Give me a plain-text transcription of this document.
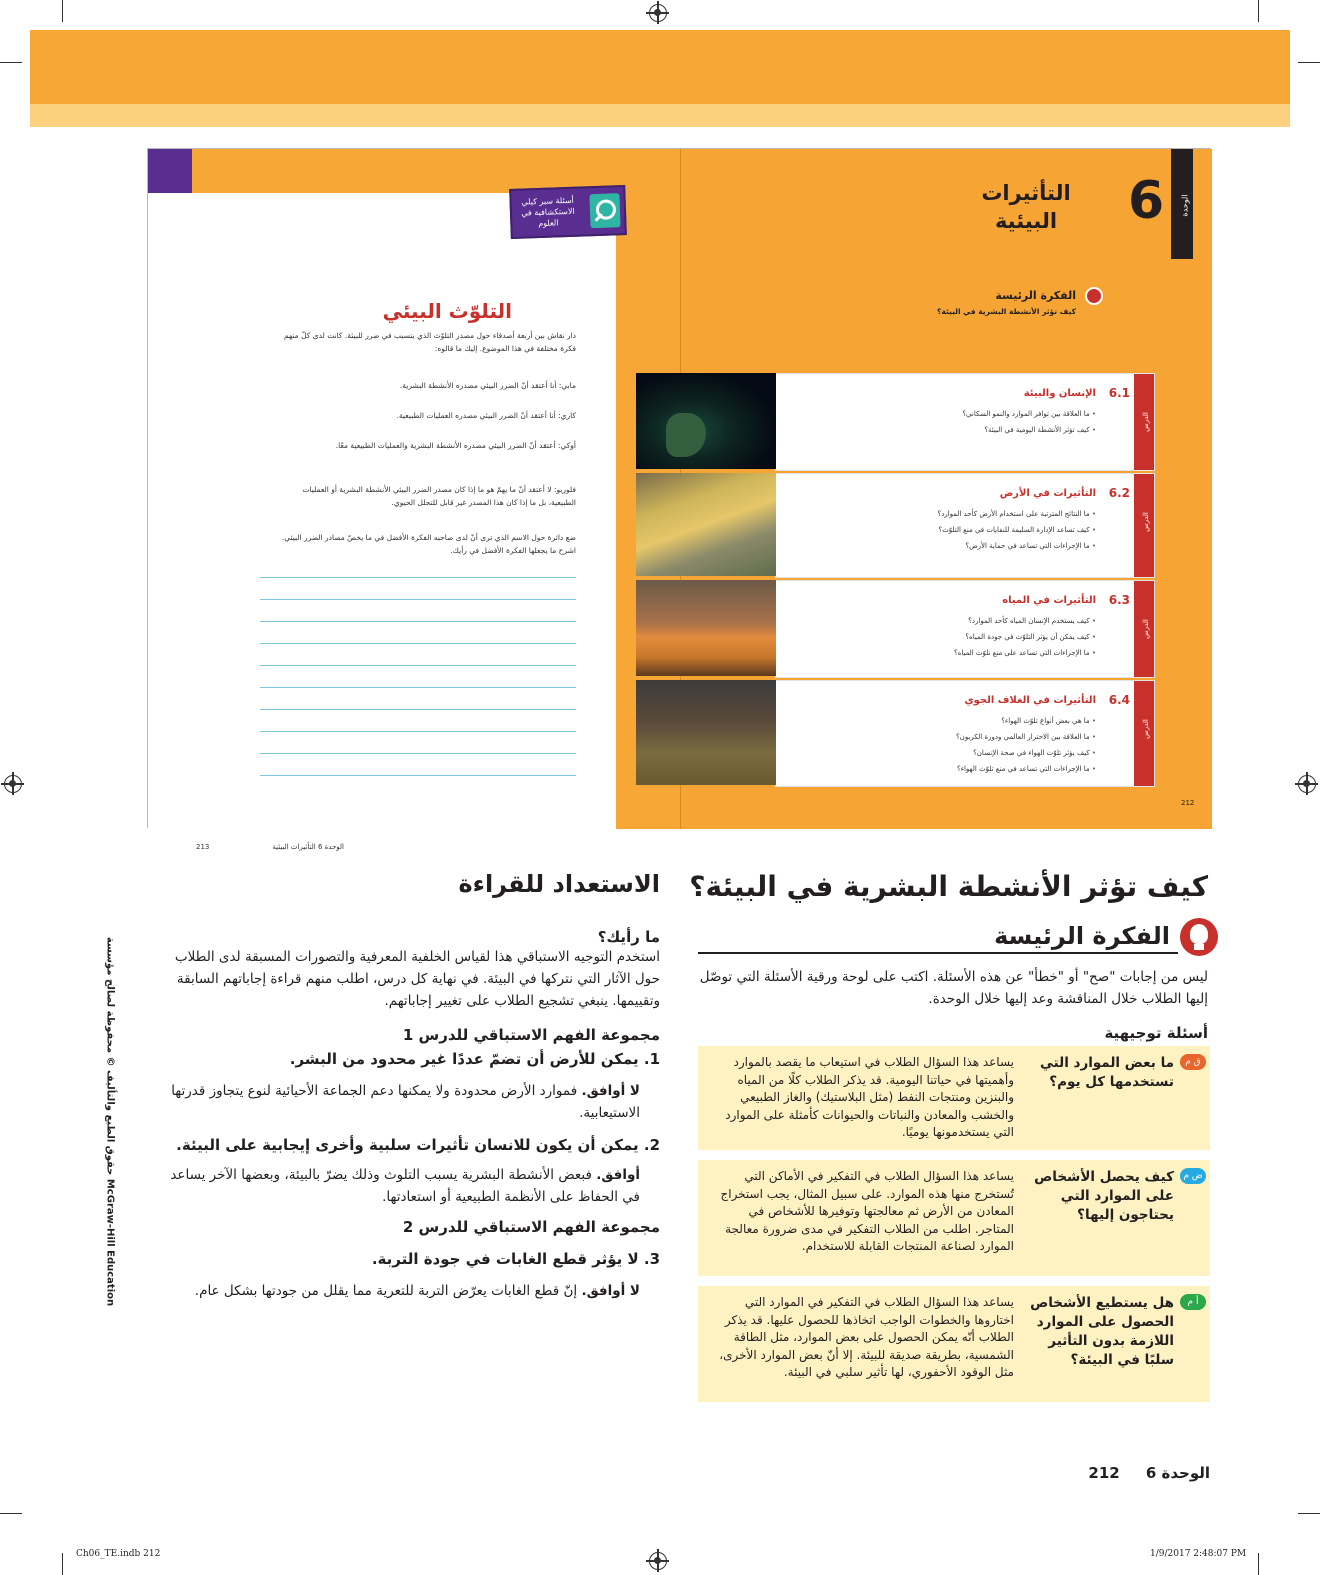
التلوّث البيئي
دار نقاش بين أربعة أصدقاء حول مصدر التلوّث الذي يتسبب في ضرر للبيئة. كانت لدى كلّ منهم فكرة مختلفة في هذا الموضوع. إليك ما قالوه:
مابي: أنا أعتقد أنّ الضرر البيئي مصدره الأنشطة البشرية.
كاري: أنا أعتقد أنّ الضرر البيئي مصدره العمليات الطبيعية.
أوكي: أعتقد أنّ الضرر البيئي مصدره الأنشطة البشرية والعمليات الطبيعية معًا.
فلوريو: لا أعتقد أنّ ما يهمّ هو ما إذا كان مصدر الضرر البيئي الأنشطة البشرية أو العمليات الطبيعية، بل ما إذا كان هذا المصدر غير قابل للتحلل الحيوي.
ضع دائرة حول الاسم الذي ترى أنّ لدى صاحبه الفكرة الأفضل في ما يخصّ مصادر الضرر البيئي. اشرح ما يجعلها الفكرة الأفضل في رأيك.
213	الوحدة 6 التأثيرات البيئية
أسئلة سبر كيلي الاستكشافية في العلوم
الوحدة
6
التأثيرات البيئية
الفكرة الرئيسة
كيف تؤثر الأنشطة البشرية في البيئة؟
الدرس
6.1
الإنسان والبيئة
• ما العلاقة بين توافر الموارد والنمو السكاني؟
• كيف تؤثر الأنشطة اليومية في البيئة؟
الدرس
6.2
التأثيرات في الأرض
• ما النتائج المترتبة على استخدام الأرض كأحد الموارد؟
• كيف تساعد الإدارة السليمة للنفايات في منع التلوّث؟
• ما الإجراءات التي تساعد في حماية الأرض؟
الدرس
6.3
التأثيرات في المياه
• كيف يستخدم الإنسان المياه كأحد الموارد؟
• كيف يمكن أن يؤثر التلوّث في جودة المياه؟
• ما الإجراءات التي تساعد على منع تلوّث المياه؟
الدرس
6.4
التأثيرات في الغلاف الجوي
• ما هي بعض أنواع تلوّث الهواء؟
• ما العلاقة بين الاحترار العالمي ودورة الكربون؟
• كيف يؤثر تلوّث الهواء في صحة الإنسان؟
• ما الإجراءات التي تساعد في منع تلوّث الهواء؟
212
كيف تؤثر الأنشطة البشرية في البيئة؟
الفكرة الرئيسة
ليس من إجابات "صح" أو "خطأ" عن هذه الأسئلة. اكتب على لوحة ورقية الأسئلة التي توصّل إليها الطلاب خلال المناقشة وعد إليها خلال الوحدة.
أسئلة توجيهية
ق م
ما بعض الموارد التي تستخدمها كل يوم؟
يساعد هذا السؤال الطلاب في استيعاب ما يقصد بالموارد وأهميتها في حياتنا اليومية. قد يذكر الطلاب كلًا من المياه والبنزين ومنتجات النفط (مثل البلاستيك) والغاز الطبيعي والخشب والمعادن والنباتات والحيوانات كأمثلة على الموارد التي يستخدمونها يوميًا.
ض م
كيف يحصل الأشخاص على الموارد التي يحتاجون إليها؟
يساعد هذا السؤال الطلاب في التفكير في الأماكن التي تُستخرج منها هذه الموارد. على سبيل المثال، يجب استخراج المعادن من الأرض ثم معالجتها وتوفيرها للأشخاص في المتاجر. اطلب من الطلاب التفكير في مدى ضرورة معالجة الموارد لصناعة المنتجات القابلة للاستخدام.
أ م
هل يستطيع الأشخاص الحصول على الموارد اللازمة بدون التأثير سلبًا في البيئة؟
يساعد هذا السؤال الطلاب في التفكير في الموارد التي اختاروها والخطوات الواجب اتخاذها للحصول عليها. قد يذكر الطلاب أنّه يمكن الحصول على بعض الموارد، مثل الطاقة الشمسية، بطريقة صديقة للبيئة. إلا أنّ بعض الموارد الأخرى، مثل الوقود الأحفوري، لها تأثير سلبي في البيئة.
الاستعداد للقراءة
ما رأيك؟
استخدم التوجيه الاستباقي هذا لقياس الخلفية المعرفية والتصورات المسبقة لدى الطلاب حول الآثار التي نتركها في البيئة. في نهاية كل درس، اطلب منهم قراءة إجاباتهم السابقة وتقييمها. ينبغي تشجيع الطلاب على تغيير إجاباتهم.
مجموعة الفهم الاستباقي للدرس 1
1. يمكن للأرض أن تضمّ عددًا غير محدود من البشر.
لا أوافق. فموارد الأرض محدودة ولا يمكنها دعم الجماعة الأحيائية لنوع يتجاوز قدرتها الاستيعابية.
2. يمكن أن يكون للانسان تأثيرات سلبية وأخرى إيجابية على البيئة.
أوافق. فبعض الأنشطة البشرية يسبب التلوث وذلك يضرّ بالبيئة، وبعضها الآخر يساعد في الحفاظ على الأنظمة الطبيعية أو استعادتها.
مجموعة الفهم الاستباقي للدرس 2
3. لا يؤثر قطع الغابات في جودة التربة.
لا أوافق. إنّ قطع الغابات يعرّض التربة للتعرية مما يقلل من جودتها بشكل عام.
حقوق الطبع والتأليف © محفوظة لصالح مؤسسة McGraw-Hill Education
الوحدة 6     212
Ch06_TE.indb 212	1/9/2017 2:48:07 PM
